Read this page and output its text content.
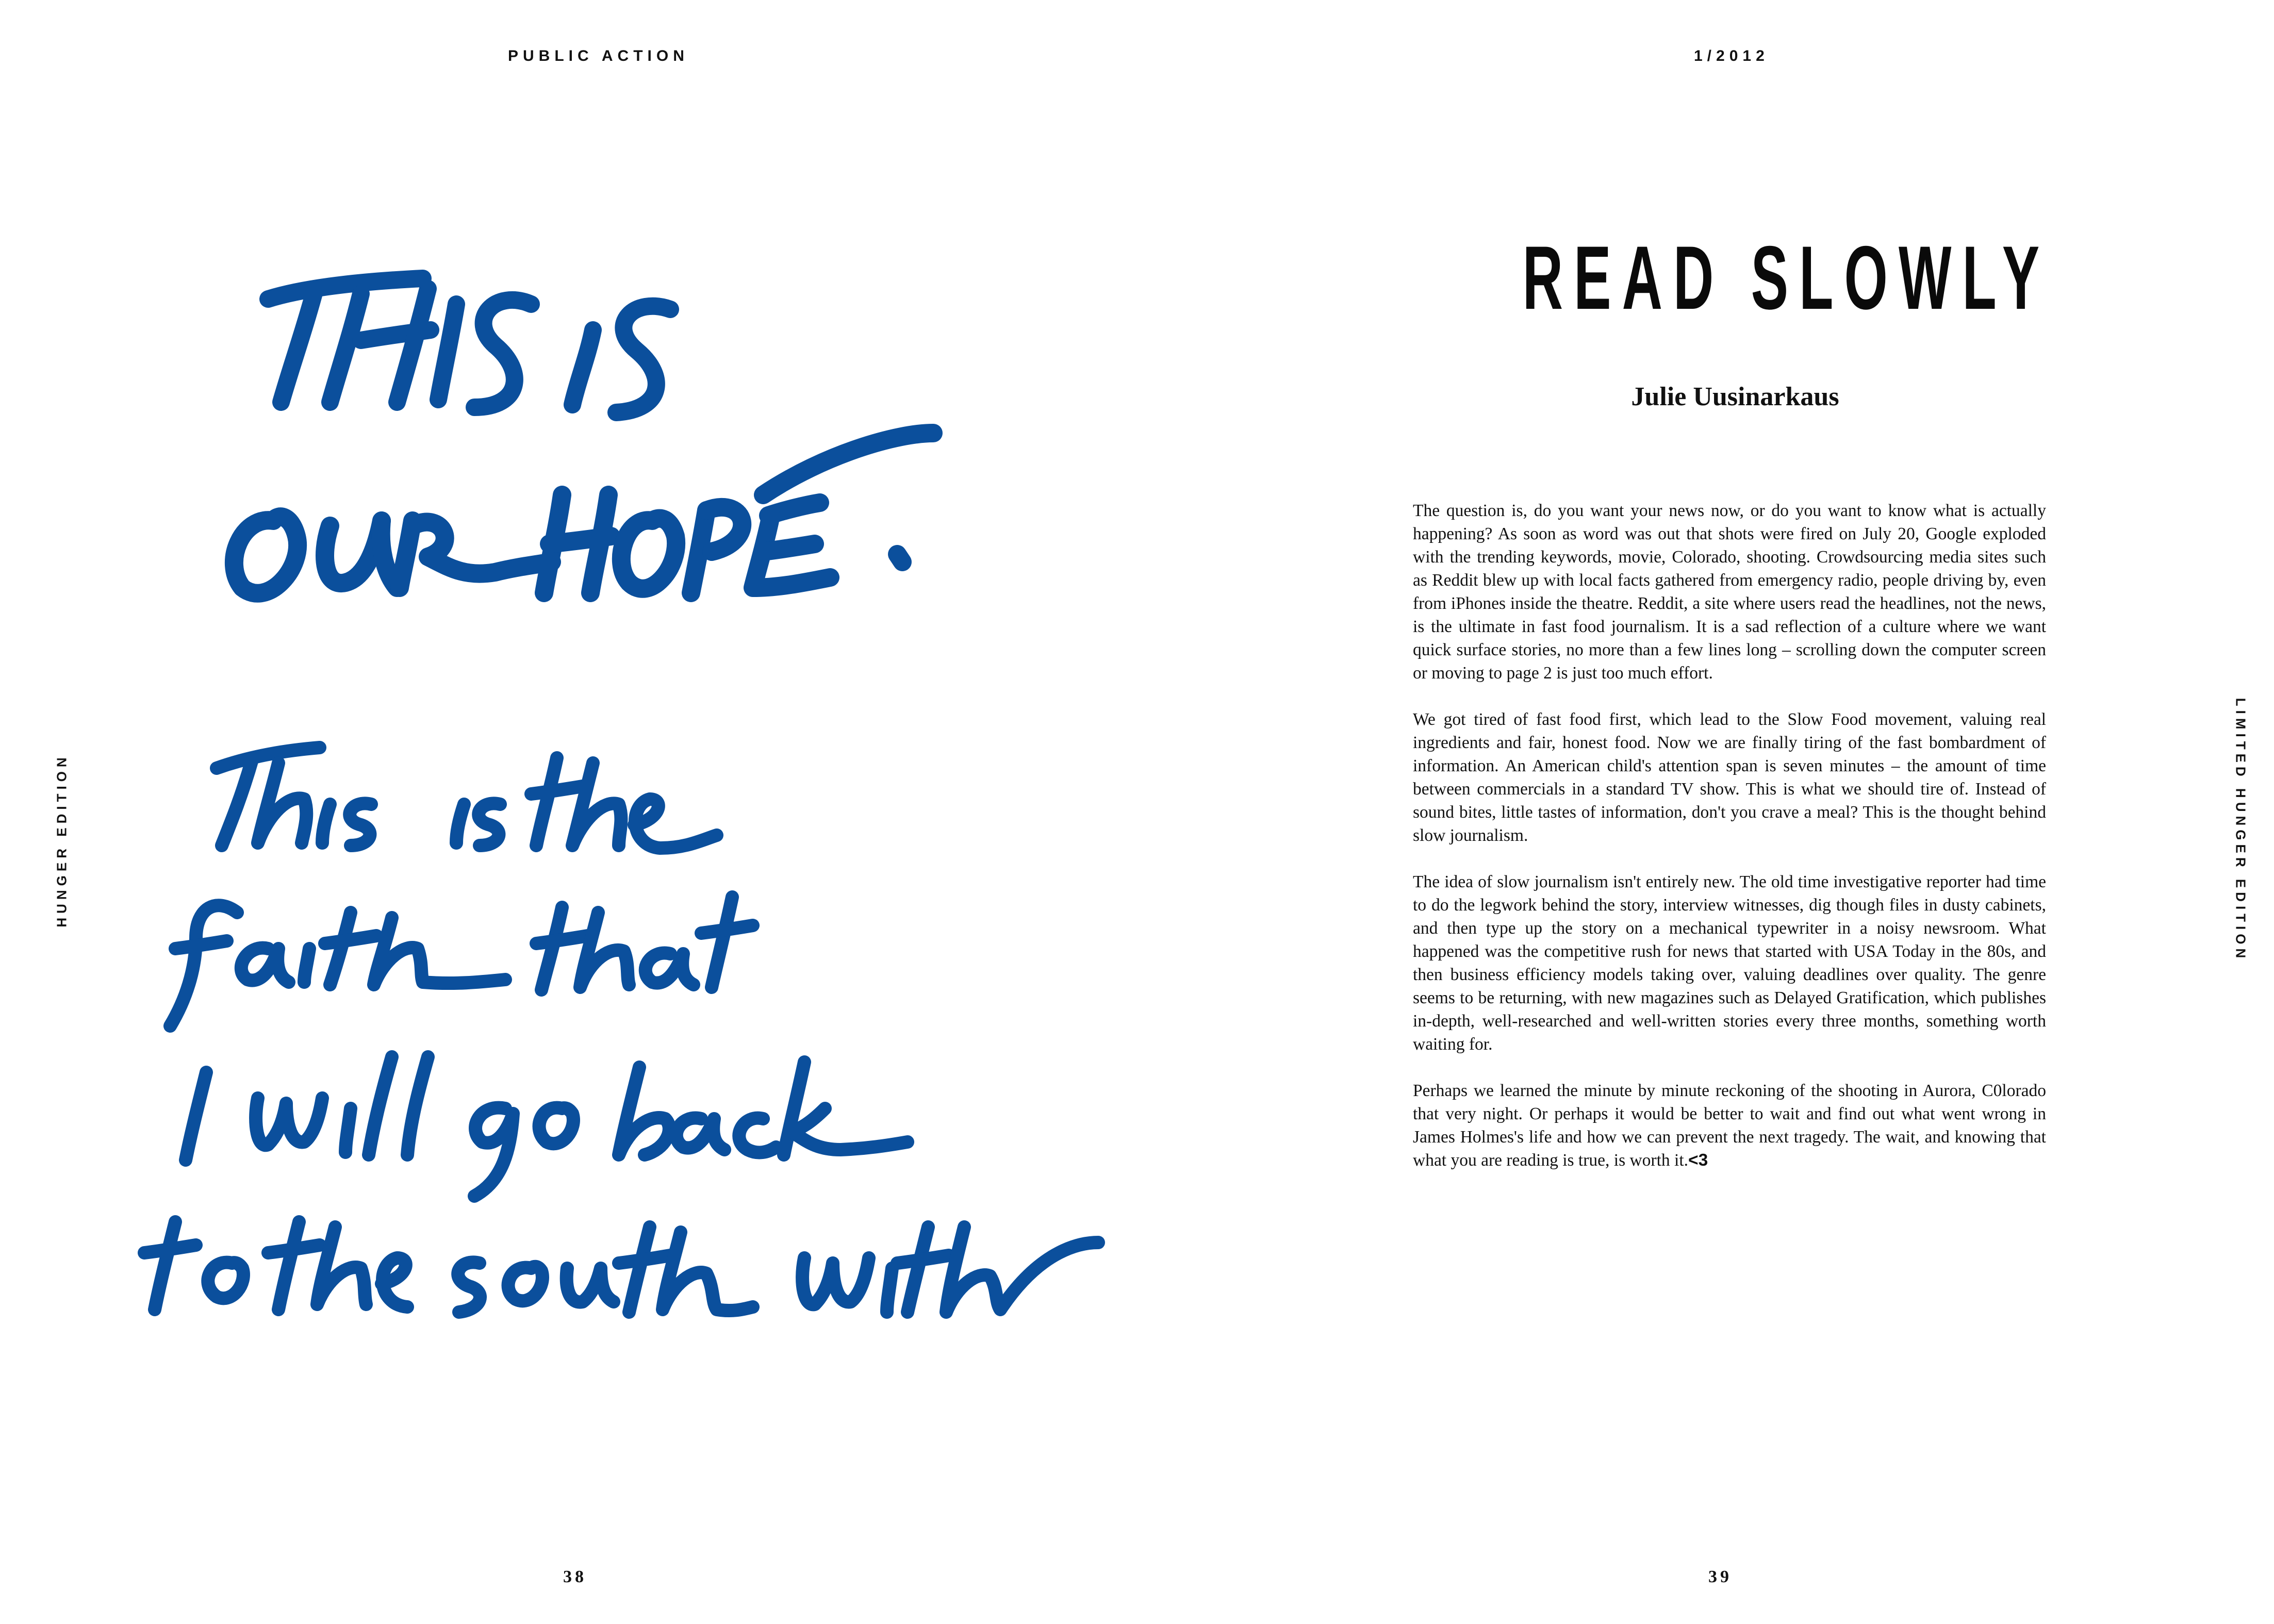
PUBLIC ACTION
HUNGER EDITION
38
1/2012
LIMITED HUNGER EDITION
READ SLOWLY
Julie Uusinarkaus

The question is, do you want your news now, or do you want to know what is actually happening? As soon as word was out that shots were fired on July 20, Google exploded with the trending keywords, movie, Colorado, shooting. Crowdsourcing media sites such as Reddit blew up with local facts gathered from emergency radio, people driving by, even from iPhones inside the theatre. Reddit, a site where users read the headlines, not the news, is the ultimate in fast food journalism. It is a sad reflection of a culture where we want quick surface stories, no more than a few lines long – scrolling down the computer screen or moving to page 2 is just too much effort.

We got tired of fast food first, which lead to the Slow Food movement, valuing real ingredients and fair, honest food. Now we are finally tiring of the fast bombardment of information. An American child's attention span is seven minutes – the amount of time between commercials in a standard TV show. This is what we should tire of. Instead of sound bites, little tastes of information, don't you crave a meal? This is the thought behind slow journalism.

The idea of slow journalism isn't entirely new. The old time investigative reporter had time to do the legwork behind the story, interview witnesses, dig though files in dusty cabinets, and then type up the story on a mechanical typewriter in a noisy newsroom. What happened was the competitive rush for news that started with USA Today in the 80s, and then business efficiency models taking over, valuing deadlines over quality. The genre seems to be returning, with new magazines such as Delayed Gratification, which publishes in-depth, well-researched and well-written stories every three months, something worth waiting for.

Perhaps we learned the minute by minute reckoning of the shooting in Aurora, C0lorado that very night. Or perhaps it would be better to wait and find out what went wrong in James Holmes's life and how we can prevent the next tragedy. The wait, and knowing that what you are reading is true, is worth it.<3

39
